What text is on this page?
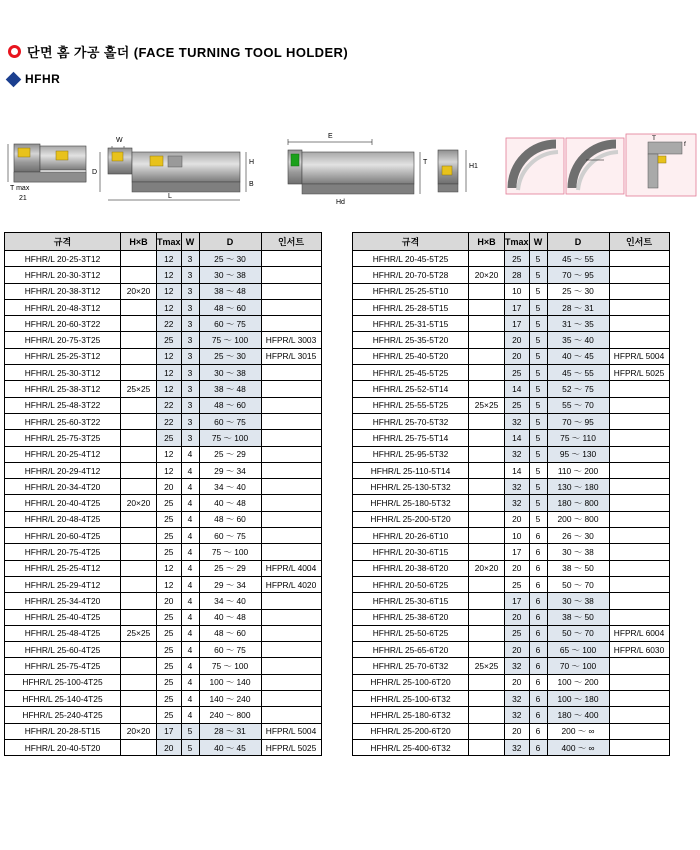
단면 홈 가공 홀더 (FACE TURNING TOOL HOLDER)
HFHR
T max
21
W
L
D
H
B
E
T
Hd
H1
T
f
규격	H×B	Tmax	W	D	인서트
HFHR/L 20-25-3T12		12	3	25 ～ 30	
HFHR/L 20-30-3T12		12	3	30 ～ 38	
HFHR/L 20-38-3T12	20×20	12	3	38 ～ 48	
HFHR/L 20-48-3T12		12	3	48 ～ 60	
HFHR/L 20-60-3T22		22	3	60 ～ 75	
HFHR/L 20-75-3T25		25	3	75 ～ 100	HFPR/L 3003
HFHR/L 25-25-3T12		12	3	25 ～ 30	HFPR/L 3015
HFHR/L 25-30-3T12		12	3	30 ～ 38	
HFHR/L 25-38-3T12	25×25	12	3	38 ～ 48	
HFHR/L 25-48-3T22		22	3	48 ～ 60	
HFHR/L 25-60-3T22		22	3	60 ～ 75	
HFHR/L 25-75-3T25		25	3	75 ～ 100	
HFHR/L 20-25-4T12		12	4	25 ～ 29	
HFHR/L 20-29-4T12		12	4	29 ～ 34	
HFHR/L 20-34-4T20		20	4	34 ～ 40	
HFHR/L 20-40-4T25	20×20	25	4	40 ～ 48	
HFHR/L 20-48-4T25		25	4	48 ～ 60	
HFHR/L 20-60-4T25		25	4	60 ～ 75	
HFHR/L 20-75-4T25		25	4	75 ～ 100	
HFHR/L 25-25-4T12		12	4	25 ～ 29	HFPR/L 4004
HFHR/L 25-29-4T12		12	4	29 ～ 34	HFPR/L 4020
HFHR/L 25-34-4T20		20	4	34 ～ 40	
HFHR/L 25-40-4T25		25	4	40 ～ 48	
HFHR/L 25-48-4T25	25×25	25	4	48 ～ 60	
HFHR/L 25-60-4T25		25	4	60 ～ 75	
HFHR/L 25-75-4T25		25	4	75 ～ 100	
HFHR/L 25-100-4T25		25	4	100 ～ 140	
HFHR/L 25-140-4T25		25	4	140 ～ 240	
HFHR/L 25-240-4T25		25	4	240 ～ 800	
HFHR/L 20-28-5T15	20×20	17	5	28 ～ 31	HFPR/L 5004
HFHR/L 20-40-5T20		20	5	40 ～ 45	HFPR/L 5025
규격	H×B	Tmax	W	D	인서트
HFHR/L 20-45-5T25		25	5	45 ～ 55	
HFHR/L 20-70-5T28	20×20	28	5	70 ～ 95	
HFHR/L 25-25-5T10		10	5	25 ～ 30	
HFHR/L 25-28-5T15		17	5	28 ～ 31	
HFHR/L 25-31-5T15		17	5	31 ～ 35	
HFHR/L 25-35-5T20		20	5	35 ～ 40	
HFHR/L 25-40-5T20		20	5	40 ～ 45	HFPR/L 5004
HFHR/L 25-45-5T25		25	5	45 ～ 55	HFPR/L 5025
HFHR/L 25-52-5T14		14	5	52 ～ 75	
HFHR/L 25-55-5T25	25×25	25	5	55 ～ 70	
HFHR/L 25-70-5T32		32	5	70 ～ 95	
HFHR/L 25-75-5T14		14	5	75 ～ 110	
HFHR/L 25-95-5T32		32	5	95 ～ 130	
HFHR/L 25-110-5T14		14	5	110 ～ 200	
HFHR/L 25-130-5T32		32	5	130 ～ 180	
HFHR/L 25-180-5T32		32	5	180 ～ 800	
HFHR/L 25-200-5T20		20	5	200 ～ 800	
HFHR/L 20-26-6T10		10	6	26 ～ 30	
HFHR/L 20-30-6T15		17	6	30 ～ 38	
HFHR/L 20-38-6T20	20×20	20	6	38 ～ 50	
HFHR/L 20-50-6T25		25	6	50 ～ 70	
HFHR/L 25-30-6T15		17	6	30 ～ 38	
HFHR/L 25-38-6T20		20	6	38 ～ 50	
HFHR/L 25-50-6T25		25	6	50 ～ 70	HFPR/L 6004
HFHR/L 25-65-6T20		20	6	65 ～ 100	HFPR/L 6030
HFHR/L 25-70-6T32	25×25	32	6	70 ～ 100	
HFHR/L 25-100-6T20		20	6	100 ～ 200	
HFHR/L 25-100-6T32		32	6	100 ～ 180	
HFHR/L 25-180-6T32		32	6	180 ～ 400	
HFHR/L 25-200-6T20		20	6	200 ～ ∞	
HFHR/L 25-400-6T32		32	6	400 ～ ∞	
